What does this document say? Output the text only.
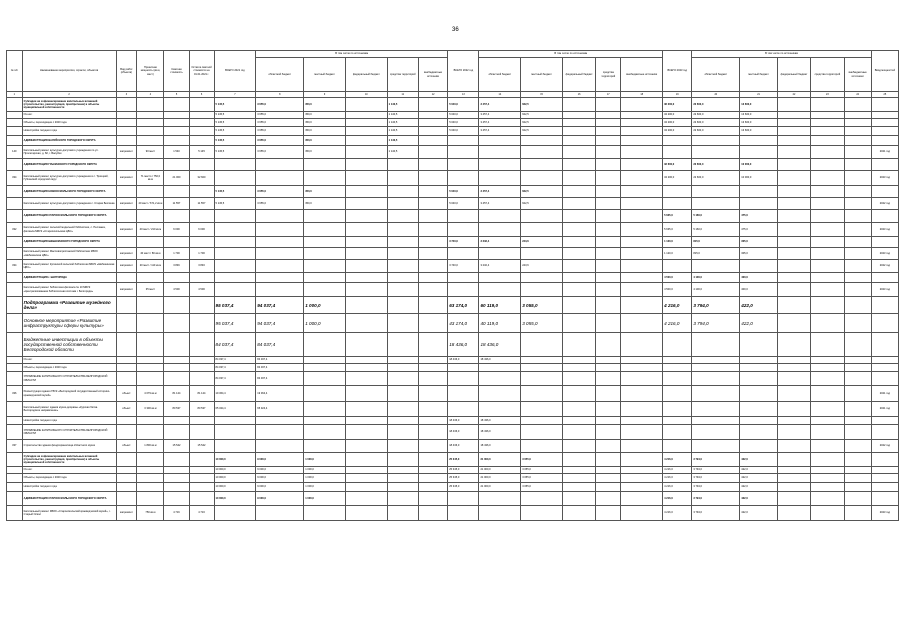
36
№ п/п	Наименование мероприятия, отрасли, объектов	Вид работ (объекта)	Проектная мощность (кв.м, мест)	Сметная стоимость	Остаток сметной стоимости на 01.01.2021 г.	ВСЕГО 2021 год	В том числе по источникам					ВСЕГО 2022 год	В том числе по источникам					ВСЕГО 2023 год	В том числе по источникам					Ввод мощностей
							областной бюджет	местный бюджет	федеральный бюджет	средства территорий	внебюджетные источники		областной бюджет	местный бюджет	федеральный бюджет	средства территорий	внебюджетные источники		областной бюджет	местный бюджет	федеральный бюджет	средства территорий	внебюджетные источники	
1	2	3	4	5	6	7	8	9	10	11	12	13	14	15	16	17	18	19	20	21	22	23	24	25
	Субсидии на софинансирование капитальных вложений (строительство, реконструкция, приобретение) в объекты муниципальной собственности					5 145,5	3 655,0	350,0		1 140,5		5 040,0	3 457,4	622,5				36 200,0	22 600,0	13 600,0				
	Из них:					5 145,5	3 655,0	350,0		1 140,5		5 040,0	3 457,4	622,5				34 200,0	22 600,0	13 600,0				
	Объекты, переходящие с 2020 года					5 145,5	3 655,0	350,0		1 140,5		5 040,0	3 457,4	622,5				34 200,0	22 600,0	13 600,0				
	Новостройки текущего года					5 145,5	3 655,0	350,0		1 140,5		5 040,0	3 457,4	622,5				34 200,0	22 600,0	13 600,0				
	АДМИНИСТРАЦИЯ ВАЛУЙСКОГО ГОРОДСКОГО ОКРУГА					5 145,5	3 655,0	350,0		1 140,5														
140	Капитальный ремонт культурно-досугового учреждения по ул. Пролетарская, д. 82, г. Валуйки	капремонт	90 мест	1 540	5 145	5 145,5	3 655,0	350,0		1 140,5														2021 год
	АДМИНИСТРАЦИЯ ГУБКИНСКОГО ГОРОДСКОГО ОКРУГА																	32 600,0	22 600,0	10 000,0				
334	Капитальный ремонт культурно-досугового учреждения в с. Троицкий, Губкинский городской округ	капремонт	71 место / 750,0 кв.м	21 000	32 600													34 200,0	22 600,0	10 000,0				2023 год
	АДМИНИСТРАЦИЯ НОВООСКОЛЬСКОГО ГОРОДСКОГО ОКРУГА					5 145,5	3 655,0	350,0				5 040,0	3 457,4	622,5										
	Капитальный ремонт культурно-досугового учреждения с. Старая Безгинка	капремонт	40 мест / 671,2 кв.м	11 557	11 557	5 145,5	3 655,0	350,0				5 040,0	3 457,4	622,5										2022 год
	АДМИНИСТРАЦИЯ СТАРООСКОЛЬСКОГО ГОРОДСКОГО ОКРУГА																	5 635,0	5 160,0	475,0				
332	Капитальный ремонт сельской модельной библиотеки, с. Песчанка, филиала МБУК «Старооскольская ЦБС»	капремонт	40 мест / 210 кв.м	6 000	6 000													5 635,0	5 160,0	475,0				2023 год
	АДМИНИСТРАЦИЯ ШЕБЕКИНСКОГО ГОРОДСКОГО ОКРУГА											3 740,0	3 232,4	243,6				1 120,0	815,0	305,0				
	Капитальный ремонт Масловопристанской библиотеки МБУК «Шебекинская ЦБС»	капремонт	40 мест / 80 кв.м	1 700	1 700													1 120,0	815,0	305,0				2023 год
334	Капитальный ремонт Купинской сельской библиотеки МБУК «Шебекинская ЦБС»	капремонт	20 мест / 110 кв.м	3 846	3 846							3 740,0	3 232,4	243,6										2022 год
	АДМИНИСТРАЦИЯ г. БЕЛГОРОДА																	4 500,0	4 100,0	400,0				
	Капитальный ремонт библиотеки-филиала № 10 МБУК «Централизованная библиотечная система г. Белгорода»	капремонт	35 мест	4 500	4 500													4 500,0	4 100,0	400,0				2023 год
	Подпрограмма «Развитие музейного дела»					95 037,4	94 037,4	1 000,0				63 174,0	60 119,0	3 055,0				4 216,0	3 794,0	422,0				
	Основное мероприятие «Развитие инфраструктуры сферы культуры»					95 037,4	94 037,4	1 000,0				43 174,0	40 119,0	3 055,0				4 216,0	3 794,0	422,0				
	Бюджетные инвестиции в объекты государственной собственности Белгородской области					84 037,4	84 037,4					18 436,0	18 436,0											
	Из них:					84 037,4	84 037,4					18 436,0	18 436,0											
	Объекты, переходящие с 2020 года					84 037,4	84 037,4																	
	УПРАВЛЕНИЕ КАПИТАЛЬНОГО СТРОИТЕЛЬСТВА БЕЛГОРОДСКОЙ ОБЛАСТИ					84 037,4	84 037,4																	
336	Реконструкция здания ГБУК «Белгородский государственный историко-краеведческий музей»	объект	4 079 кв.м	81 124	81 124	19 364,4	19 364,4																	2021 год
	Капитальный ремонт здания музея-диорамы «Курская битва. Белгородское направление»	объект	3 300 кв.м	80 537	80 537	65 324,4	65 324,4																	2021 год
	Новостройки текущего года											18 436,0	18 436,0											
	УПРАВЛЕНИЕ КАПИТАЛЬНОГО СТРОИТЕЛЬСТВА БЕЛГОРОДСКОЙ ОБЛАСТИ											18 436,0	18 436,0											
337	Строительство здания фондохранилища областного музея	объект	1 800 кв.м	15 542	15 542							18 436,0	18 436,0											2022 год
	Субсидии на софинансирование капитальных вложений (строительство, реконструкция, приобретение) в объекты муниципальной собственности					10 000,0	9 000,0	1 000,0				25 345,0	21 000,0	3 055,0				4 216,0	3 794,0	422,0				
	Из них:					10 000,0	9 000,0	1 000,0				25 345,0	21 000,0	3 055,0				4 216,0	3 794,0	422,0				
	Объекты, переходящие с 2020 года					10 000,0	9 000,0	1 000,0				25 345,0	21 000,0	3 055,0				4 216,0	3 794,0	422,0				
	Новостройки текущего года					10 000,0	9 000,0	1 000,0				25 345,0	21 000,0	3 055,0				4 216,0	3 794,0	422,0				
	АДМИНИСТРАЦИЯ СТАРООСКОЛЬСКОГО ГОРОДСКОГО ОКРУГА					10 000,0	9 000,0	1 000,0										4 216,0	3 794,0	422,0				
	Капитальный ремонт МБУК «Старооскольский краеведческий музей», г. Старый Оскол	капремонт	750 кв.м	4 716	4 716													4 216,0	3 794,0	422,0				2023 год
